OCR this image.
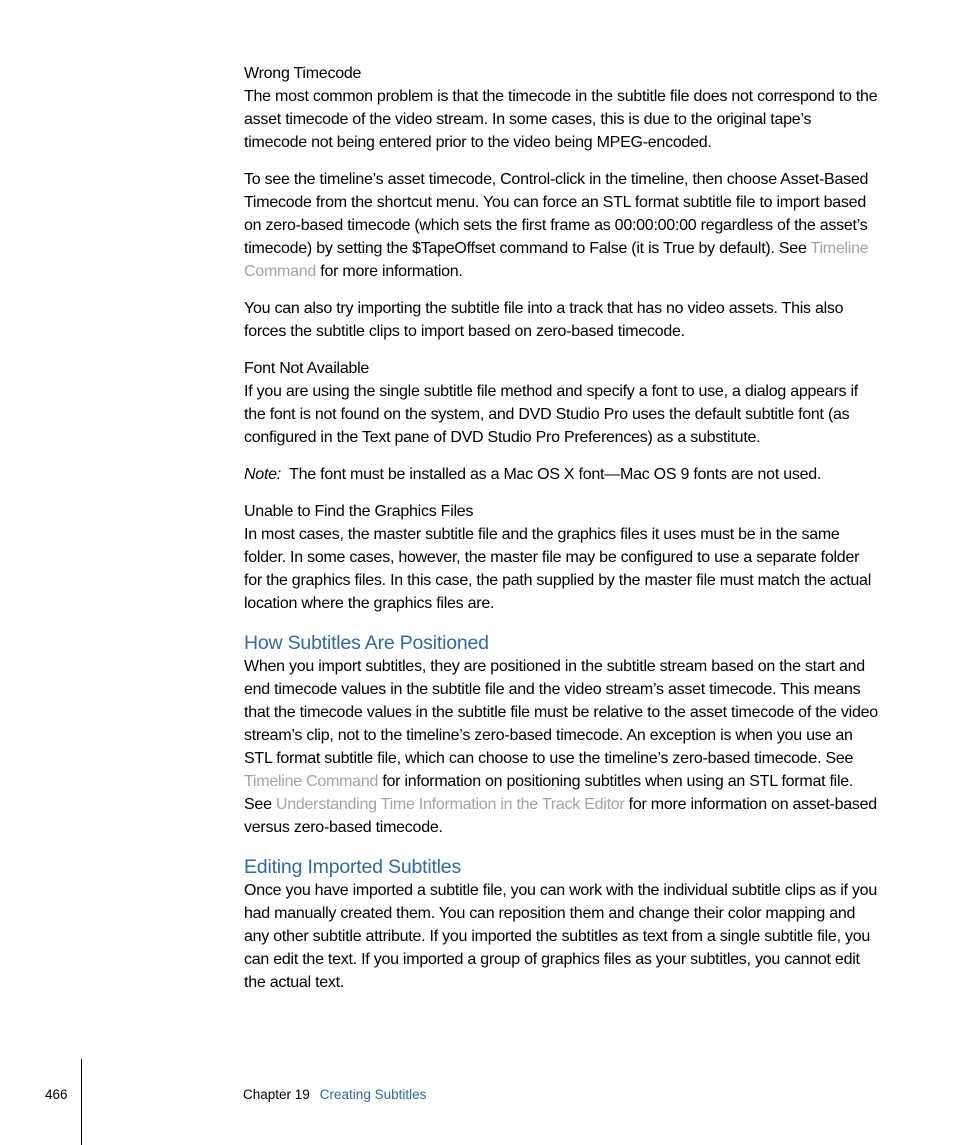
Wrong Timecode

The most common problem is that the timecode in the subtitle file does not correspond to the asset timecode of the video stream. In some cases, this is due to the original tape’s timecode not being entered prior to the video being MPEG-encoded.

To see the timeline’s asset timecode, Control-click in the timeline, then choose Asset-Based Timecode from the shortcut menu. You can force an STL format subtitle file to import based on zero-based timecode (which sets the first frame as 00:00:00:00 regardless of the asset’s timecode) by setting the $TapeOffset command to False (it is True by default). See Timeline Command for more information.

You can also try importing the subtitle file into a track that has no video assets. This also forces the subtitle clips to import based on zero-based timecode.

Font Not Available

If you are using the single subtitle file method and specify a font to use, a dialog appears if the font is not found on the system, and DVD Studio Pro uses the default subtitle font (as configured in the Text pane of DVD Studio Pro Preferences) as a substitute.

Note:  The font must be installed as a Mac OS X font—Mac OS 9 fonts are not used.

Unable to Find the Graphics Files

In most cases, the master subtitle file and the graphics files it uses must be in the same folder. In some cases, however, the master file may be configured to use a separate folder for the graphics files. In this case, the path supplied by the master file must match the actual location where the graphics files are.

How Subtitles Are Positioned

When you import subtitles, they are positioned in the subtitle stream based on the start and end timecode values in the subtitle file and the video stream’s asset timecode. This means that the timecode values in the subtitle file must be relative to the asset timecode of the video stream’s clip, not to the timeline’s zero-based timecode. An exception is when you use an STL format subtitle file, which can choose to use the timeline’s zero-based timecode. See Timeline Command for information on positioning subtitles when using an STL format file. See Understanding Time Information in the Track Editor for more information on asset-based versus zero-based timecode.

Editing Imported Subtitles

Once you have imported a subtitle file, you can work with the individual subtitle clips as if you had manually created them. You can reposition them and change their color mapping and any other subtitle attribute. If you imported the subtitles as text from a single subtitle file, you can edit the text. If you imported a group of graphics files as your subtitles, you cannot edit the actual text.

466	Chapter 19 Creating Subtitles
